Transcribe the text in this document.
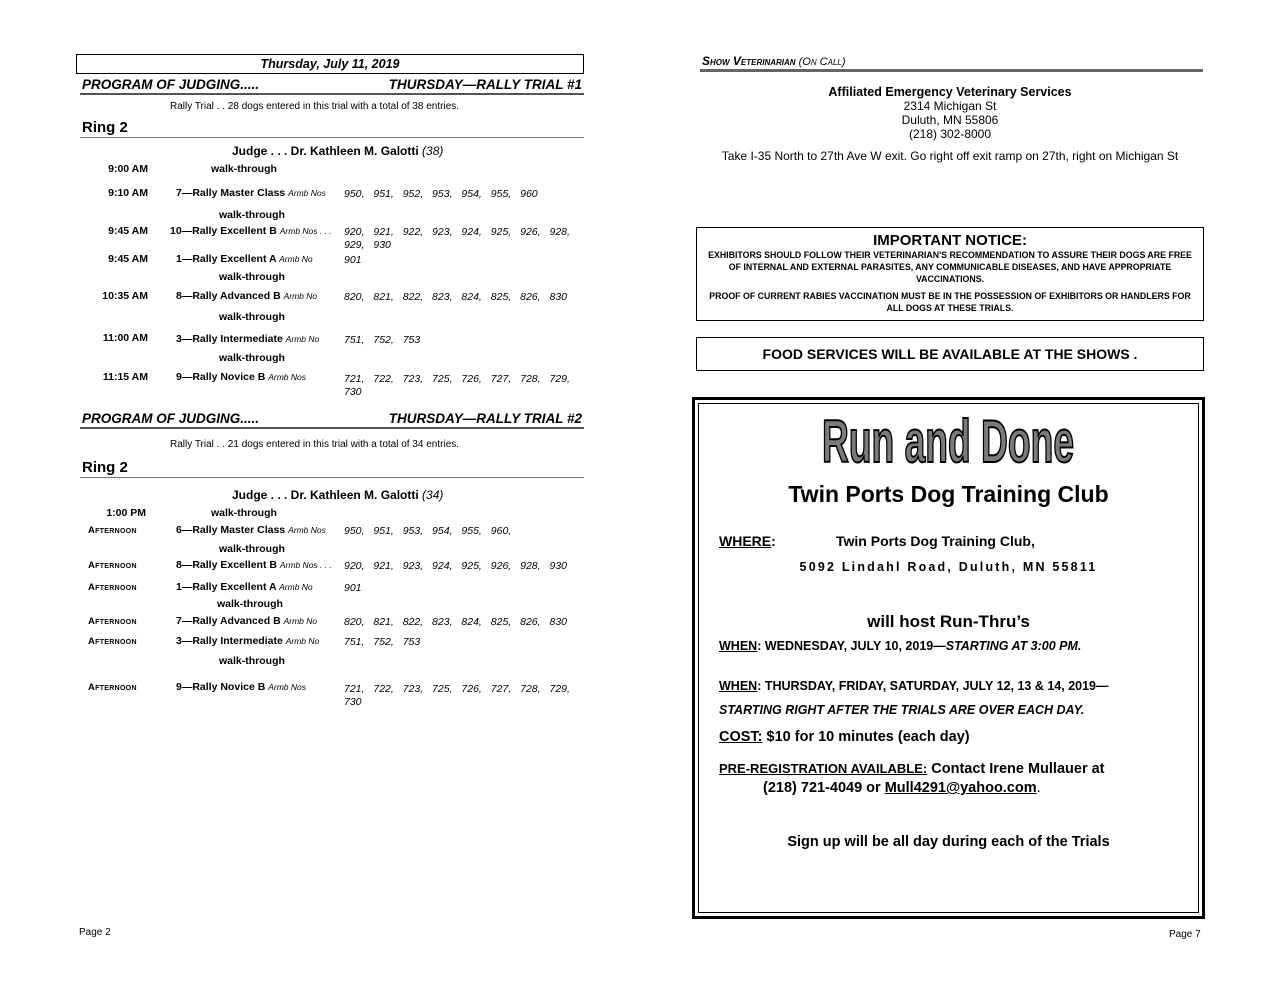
Thursday, July 11, 2019
PROGRAM OF JUDGING.....	THURSDAY—RALLY TRIAL #1
Rally Trial . . 28 dogs entered in this trial with a total of 38 entries.
Ring 2
Judge . . . Dr. Kathleen M. Galotti (38)
9:00 AM	walk-through
9:10 AM	7—Rally Master Class Armb Nos 950, 951, 952, 953, 954, 955, 960
walk-through
9:45 AM 10—Rally Excellent B Armb Nos . . . 920, 921, 922, 923, 924, 925, 926, 928, 929, 930
9:45 AM	1—Rally Excellent A Armb No	901
walk-through
10:35 AM	8—Rally Advanced B Armb No	820, 821, 822, 823, 824, 825, 826, 830
walk-through
11:00 AM	3—Rally Intermediate Armb No 751, 752, 753
walk-through
11:15 AM	9—Rally Novice B Armb Nos	721, 722, 723, 725, 726, 727, 728, 729, 730
PROGRAM OF JUDGING.....	THURSDAY—RALLY TRIAL #2
Rally Trial . . 21 dogs entered in this trial with a total of 34 entries.
Ring 2
Judge . . . Dr. Kathleen M. Galotti (34)
1:00 PM	walk-through
Afternoon	6—Rally Master Class Armb Nos 950, 951, 953, 954, 955, 960,
walk-through
Afternoon	8—Rally Excellent B Armb Nos . . . 920, 921, 923, 924, 925, 926, 928, 930
Afternoon	1—Rally Excellent A Armb No	901
walk-through
Afternoon	7—Rally Advanced B Armb No	820, 821, 822, 823, 824, 825, 826, 830
Afternoon	3—Rally Intermediate Armb No 751, 752, 753
walk-through
Afternoon	9—Rally Novice B Armb Nos	721, 722, 723, 725, 726, 727, 728, 729, 730
Page 2
Show Veterinarian (On Call)
Affiliated Emergency Veterinary Services
2314 Michigan St
Duluth, MN 55806
(218) 302-8000
Take I-35 North to 27th Ave W exit. Go right off exit ramp on 27th, right on Michigan St
IMPORTANT NOTICE:
EXHIBITORS SHOULD FOLLOW THEIR VETERINARIAN'S RECOMMENDATION TO ASSURE THEIR DOGS ARE FREE OF INTERNAL AND EXTERNAL PARASITES, ANY COMMUNICABLE DISEASES, AND HAVE APPROPRIATE VACCINATIONS.
PROOF OF CURRENT RABIES VACCINATION MUST BE IN THE POSSESSION OF EXHIBITORS OR HANDLERS FOR ALL DOGS AT THESE TRIALS.
FOOD SERVICES WILL BE AVAILABLE AT THE SHOWS .
Run and Done
Twin Ports Dog Training Club
WHERE:	Twin Ports Dog Training Club,
5092 Lindahl Road, Duluth, MN 55811
will host Run-Thru’s
WHEN: WEDNESDAY, JULY 10, 2019—STARTING AT 3:00 PM.
WHEN: THURSDAY, FRIDAY, SATURDAY, JULY 12, 13 & 14, 2019—
STARTING RIGHT AFTER THE TRIALS ARE OVER EACH DAY.
COST: $10 for 10 minutes (each day)
PRE-REGISTRATION AVAILABLE: Contact Irene Mullauer at
(218) 721-4049 or Mull4291@yahoo.com.
Sign up will be all day during each of the Trials
Page 7
